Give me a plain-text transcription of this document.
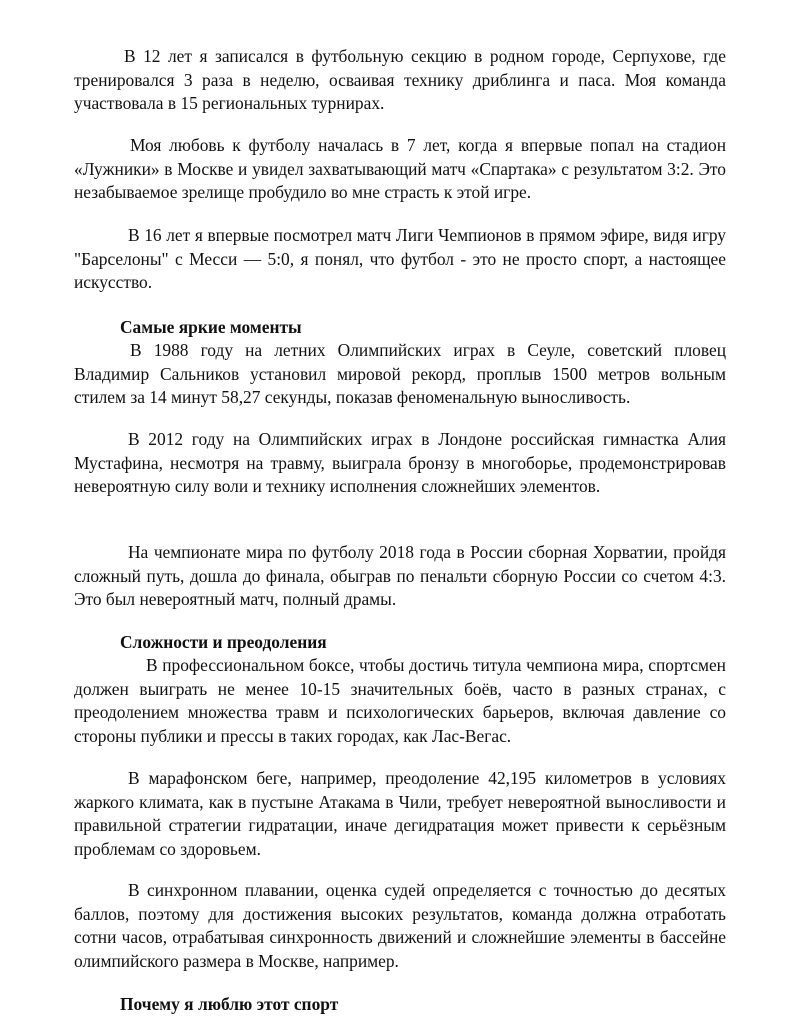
В 12 лет я записался в футбольную секцию в родном городе, Серпухове, где тренировался 3 раза в неделю, осваивая технику дриблинга и паса. Моя команда участвовала в 15 региональных турнирах.

Моя любовь к футболу началась в 7 лет, когда я впервые попал на стадион «Лужники» в Москве и увидел захватывающий матч «Спартака» с результатом 3:2. Это незабываемое зрелище пробудило во мне страсть к этой игре.

В 16 лет я впервые посмотрел матч Лиги Чемпионов в прямом эфире, видя игру "Барселоны" с Месси — 5:0, я понял, что футбол - это не просто спорт, а настоящее искусство.

Самые яркие моменты

В 1988 году на летних Олимпийских играх в Сеуле, советский пловец Владимир Сальников установил мировой рекорд, проплыв 1500 метров вольным стилем за 14 минут 58,27 секунды, показав феноменальную выносливость.

В 2012 году на Олимпийских играх в Лондоне российская гимнастка Алия Мустафина, несмотря на травму, выиграла бронзу в многоборье, продемонстрировав невероятную силу воли и технику исполнения сложнейших элементов.

На чемпионате мира по футболу 2018 года в России сборная Хорватии, пройдя сложный путь, дошла до финала, обыграв по пенальти сборную России со счетом 4:3. Это был невероятный матч, полный драмы.

Сложности и преодоления

В профессиональном боксе, чтобы достичь титула чемпиона мира, спортсмен должен выиграть не менее 10-15 значительных боёв, часто в разных странах, с преодолением множества травм и психологических барьеров, включая давление со стороны публики и прессы в таких городах, как Лас-Вегас.

В марафонском беге, например, преодоление 42,195 километров в условиях жаркого климата, как в пустыне Атакама в Чили, требует невероятной выносливости и правильной стратегии гидратации, иначе дегидратация может привести к серьёзным проблемам со здоровьем.

В синхронном плавании, оценка судей определяется с точностью до десятых баллов, поэтому для достижения высоких результатов, команда должна отработать сотни часов, отрабатывая синхронность движений и сложнейшие элементы в бассейне олимпийского размера в Москве, например.

Почему я люблю этот спорт
